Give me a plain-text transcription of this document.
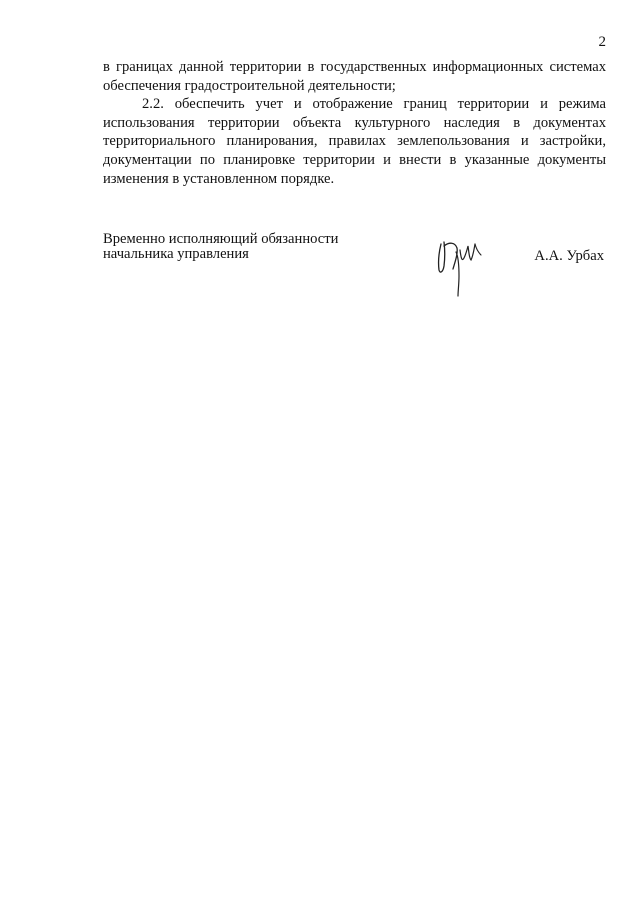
2

в границах данной территории в государственных информационных системах обеспечения градостроительной деятельности;

2.2. обеспечить учет и отображение границ территории и режима использования территории объекта культурного наследия в документах территориального планирования, правилах землепользования и застройки, документации по планировке территории и внести в указанные документы изменения в установленном порядке.

Временно исполняющий обязанности
начальника управления	А.А. Урбах
